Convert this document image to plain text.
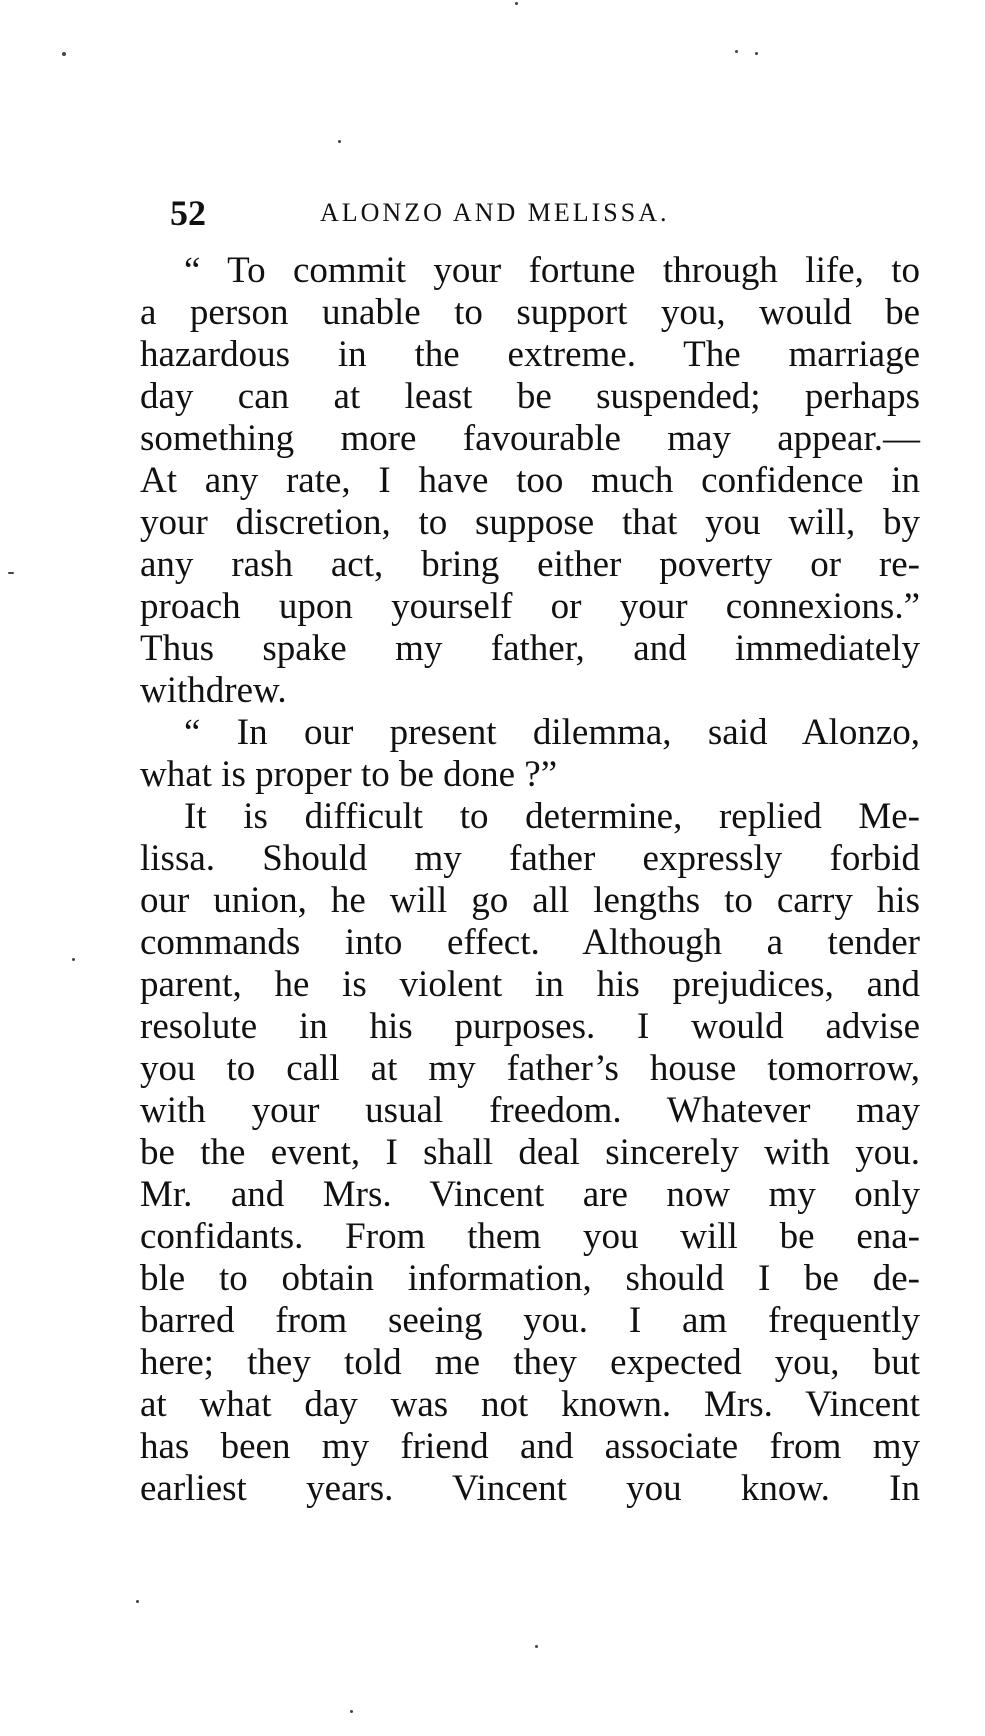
52	ALONZO AND MELISSA.
“ To commit your fortune through life, to
a person unable to support you, would be
hazardous in the extreme. The marriage
day can at least be suspended; perhaps
something more favourable may appear.—
At any rate, I have too much confidence in
your discretion, to suppose that you will, by
any rash act, bring either poverty or re-
proach upon yourself or your connexions.”
Thus spake my father, and immediately
withdrew.
“ In our present dilemma, said Alonzo,
what is proper to be done ?”
It is difficult to determine, replied Me-
lissa. Should my father expressly forbid
our union, he will go all lengths to carry his
commands into effect. Although a tender
parent, he is violent in his prejudices, and
resolute in his purposes. I would advise
you to call at my father’s house tomorrow,
with your usual freedom. Whatever may
be the event, I shall deal sincerely with you.
Mr. and Mrs. Vincent are now my only
confidants. From them you will be ena-
ble to obtain information, should I be de-
barred from seeing you. I am frequently
here; they told me they expected you, but
at what day was not known. Mrs. Vincent
has been my friend and associate from my
earliest years. Vincent you know. In
